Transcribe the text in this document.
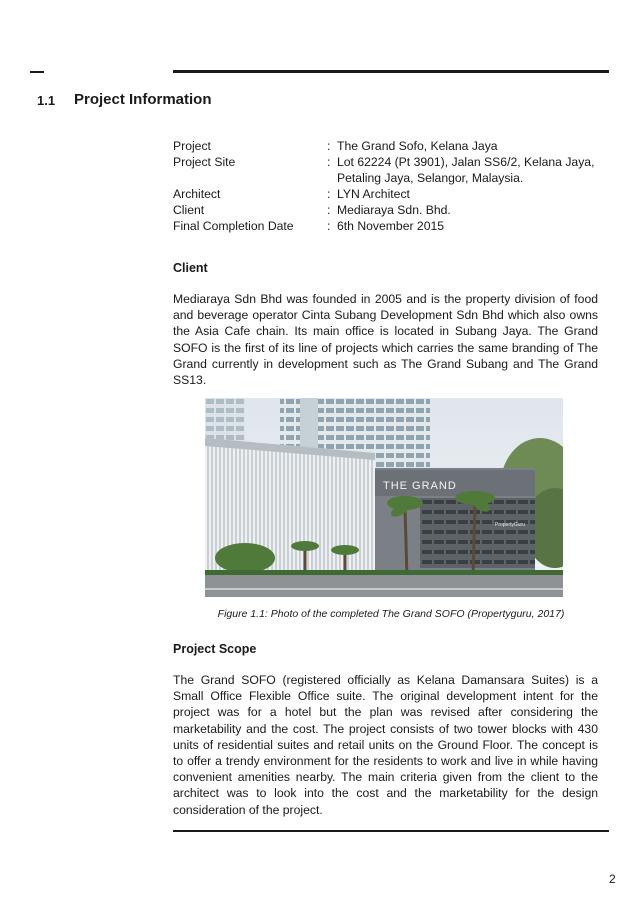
1.1 Project Information
Project	: The Grand Sofo, Kelana Jaya
Project Site	: Lot 62224 (Pt 3901), Jalan SS6/2, Kelana Jaya, Petaling Jaya, Selangor, Malaysia.
Architect	: LYN Architect
Client	: Mediaraya Sdn. Bhd.
Final Completion Date	: 6th November 2015
Client
Mediaraya Sdn Bhd was founded in 2005 and is the property division of food and beverage operator Cinta Subang Development Sdn Bhd which also owns the Asia Cafe chain. Its main office is located in Subang Jaya. The Grand SOFO is the first of its line of projects which carries the same branding of The Grand currently in development such as The Grand Subang and The Grand SS13.
THE GRAND
PropertyGuru
Figure 1.1: Photo of the completed The Grand SOFO (Propertyguru, 2017)
Project Scope
The Grand SOFO (registered officially as Kelana Damansara Suites) is a Small Office Flexible Office suite. The original development intent for the project was for a hotel but the plan was revised after considering the marketability and the cost. The project consists of two tower blocks with 430 units of residential suites and retail units on the Ground Floor. The concept is to offer a trendy environment for the residents to work and live in while having convenient amenities nearby. The main criteria given from the client to the architect was to look into the cost and the marketability for the design consideration of the project.
2
